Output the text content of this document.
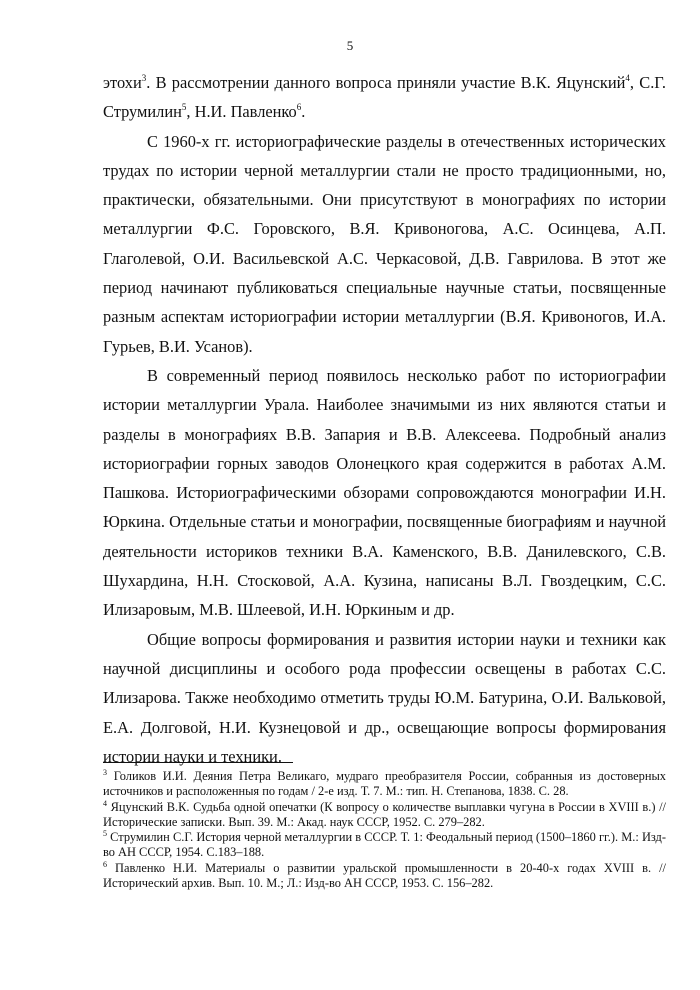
5

этохи$^3$. В рассмотрении данного вопроса приняли участие В.К. Яцунский$^4$, С.Г. Струмилин$^5$, Н.И. Павленко$^6$.

С 1960-х гг. историографические разделы в отечественных исторических трудах по истории черной металлургии стали не просто традиционными, но, практически, обязательными. Они присутствуют в монографиях по истории металлургии Ф.С. Горовского, В.Я. Кривоногова, А.С. Осинцева, А.П. Глаголевой, О.И. Васильевской А.С. Черкасовой, Д.В. Гаврилова. В этот же период начинают публиковаться специальные научные статьи, посвященные разным аспектам историографии истории металлургии (В.Я. Кривоногов, И.А. Гурьев, В.И. Усанов).

В современный период появилось несколько работ по историографии истории металлургии Урала. Наиболее значимыми из них являются статьи и разделы в монографиях В.В. Запария и В.В. Алексеева. Подробный анализ историографии горных заводов Олонецкого края содержится в работах А.М. Пашкова. Историографическими обзорами сопровождаются монографии И.Н. Юркина. Отдельные статьи и монографии, посвященные биографиям и научной деятельности историков техники В.А. Каменского, В.В. Данилевского, С.В. Шухардина, Н.Н. Стосковой, А.А. Кузина, написаны В.Л. Гвоздецким, С.С. Илизаровым, М.В. Шлеевой, И.Н. Юркиным и др.

Общие вопросы формирования и развития истории науки и техники как научной дисциплины и особого рода профессии освещены в работах С.С. Илизарова. Также необходимо отметить труды Ю.М. Батурина, О.И. Вальковой, Е.А. Долговой, Н.И. Кузнецовой и др., освещающие вопросы формирования истории науки и техники.

$^3$ Голиков И.И. Деяния Петра Великаго, мудраго преобразителя России, собранныя из достоверных источников и расположенныя по годам / 2-е изд. Т. 7. М.: тип. Н. Степанова, 1838. С. 28.

$^4$ Яцунский В.К. Судьба одной опечатки (К вопросу о количестве выплавки чугуна в России в XVIII в.) // Исторические записки. Вып. 39. М.: Акад. наук СССР, 1952. С. 279–282.

$^5$ Струмилин С.Г. История черной металлургии в СССР. Т. 1: Феодальный период (1500–1860 гг.). М.: Изд-во АН СССР, 1954. С.183–188.

$^6$ Павленко Н.И. Материалы о развитии уральской промышленности в 20-40-х годах XVIII в. // Исторический архив. Вып. 10. М.; Л.: Изд-во АН СССР, 1953. С. 156–282.
